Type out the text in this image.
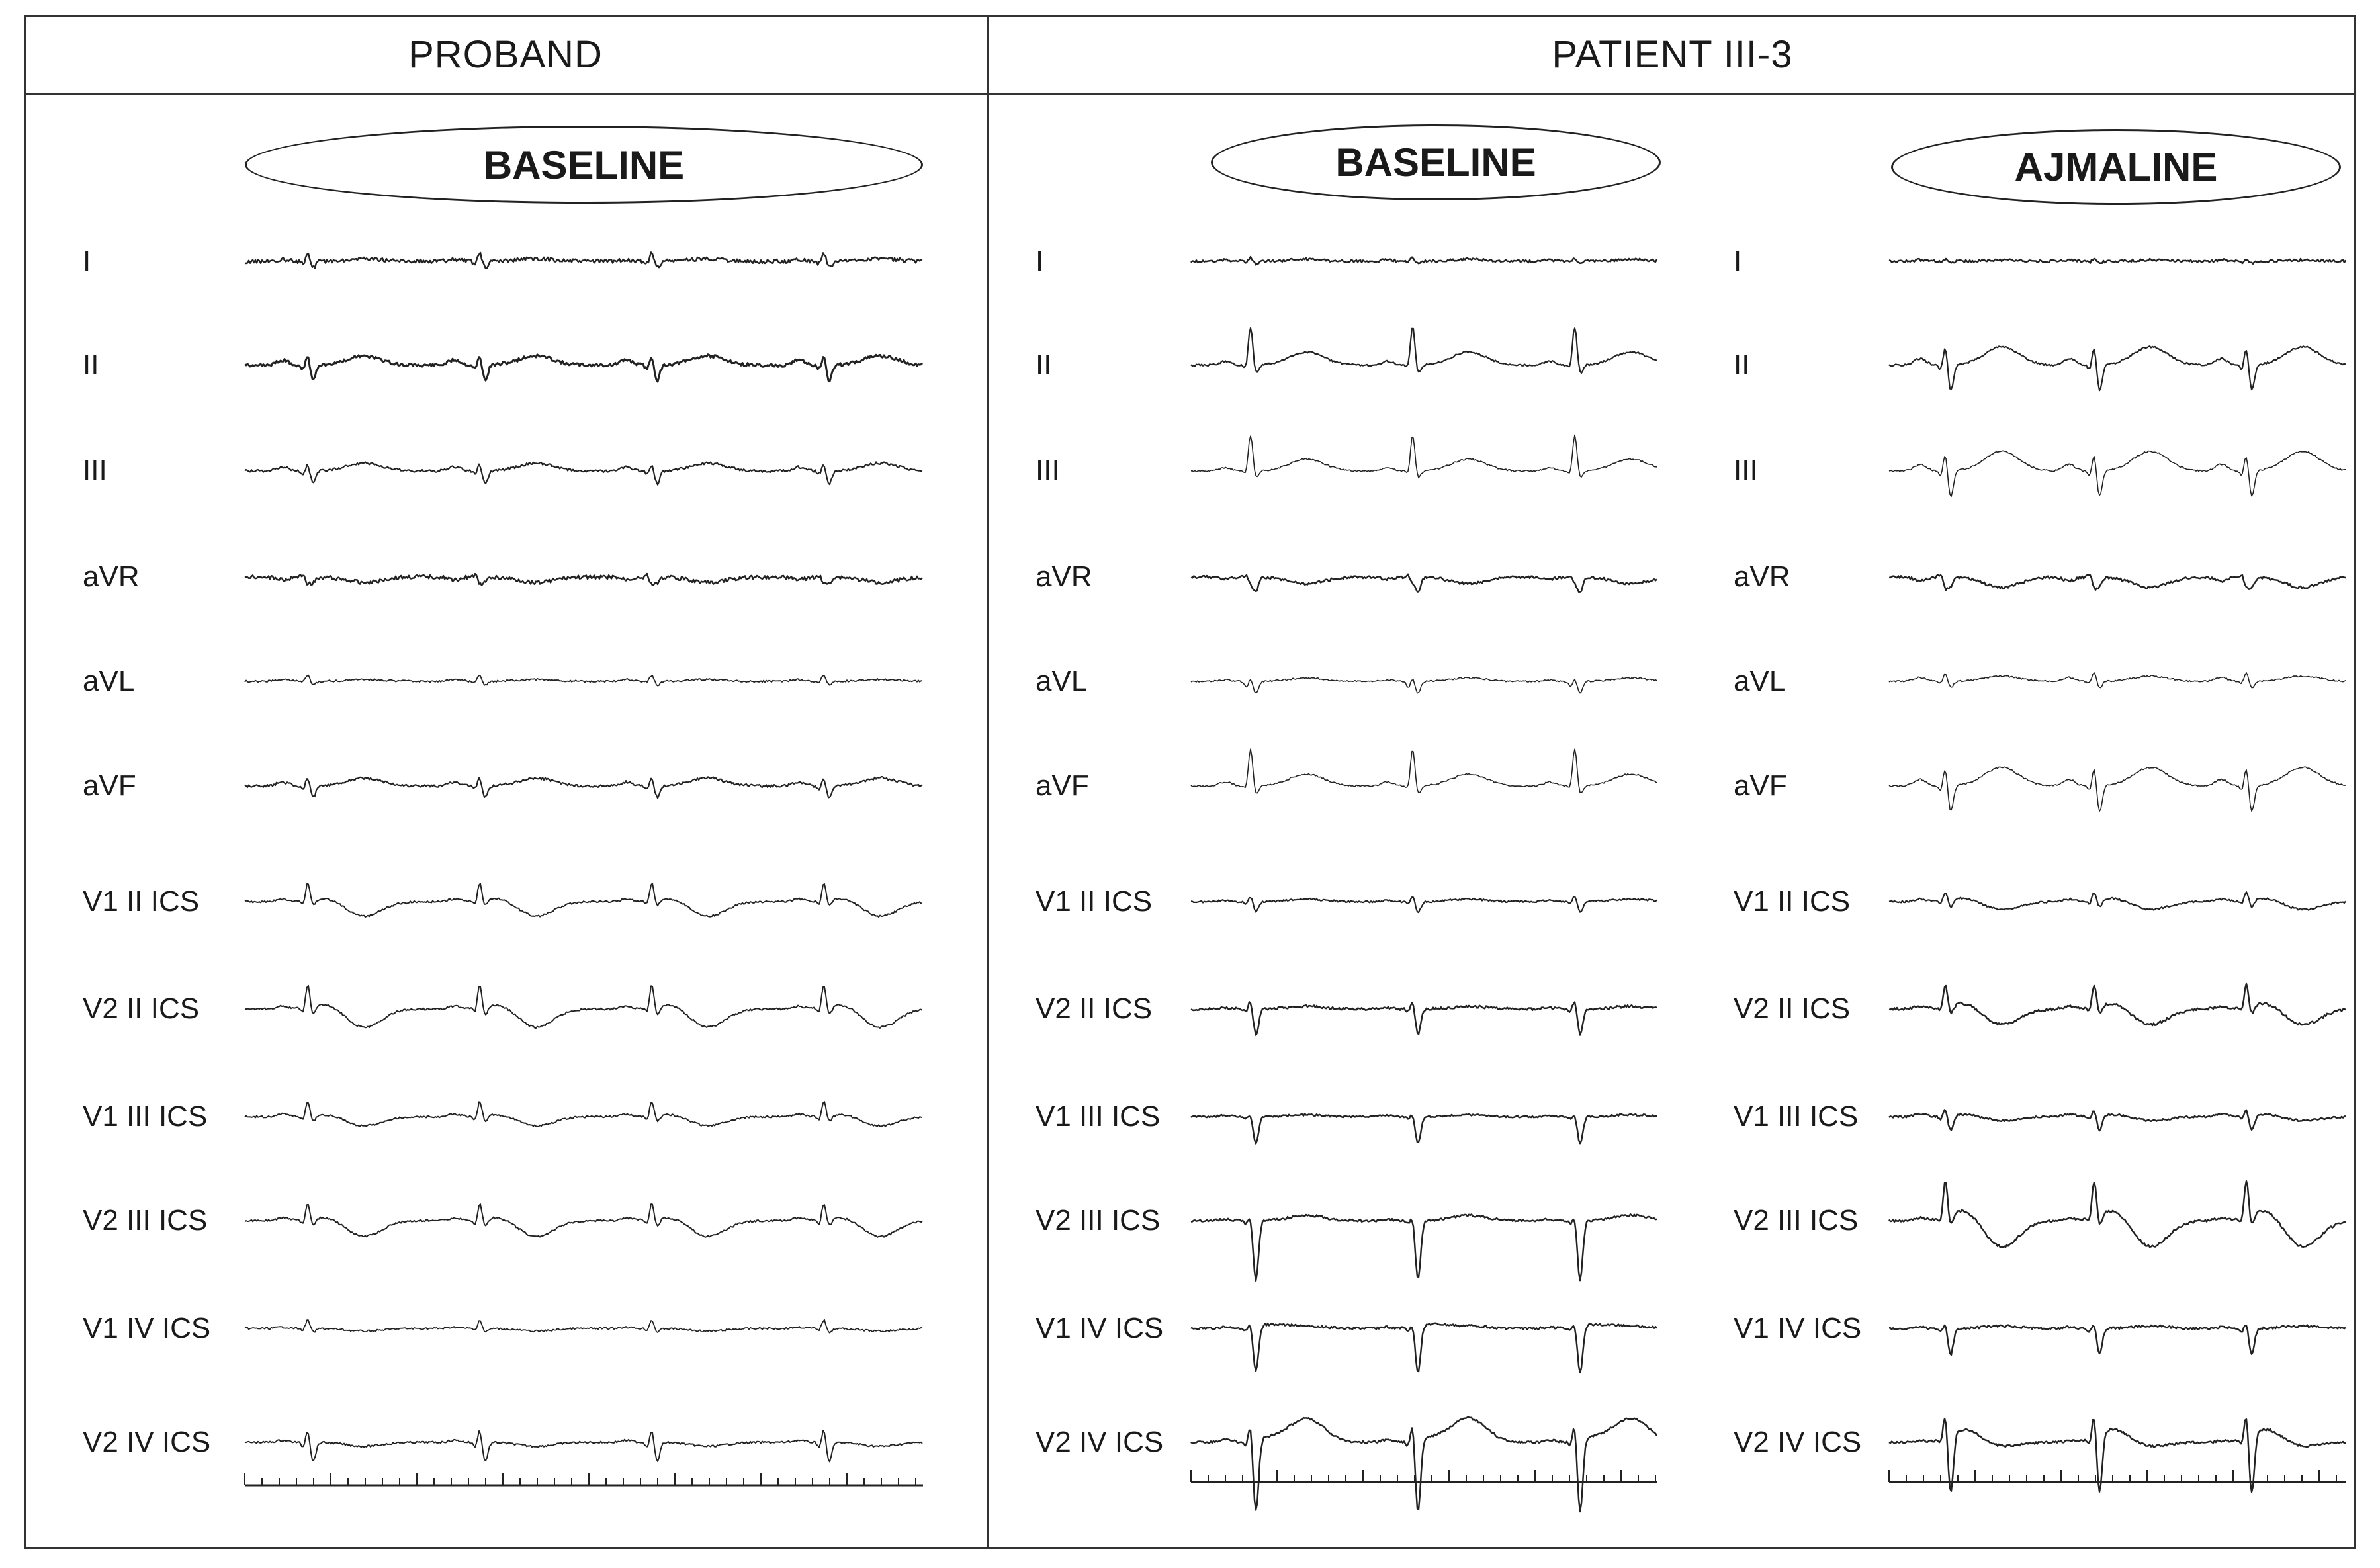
PROBAND	PATIENT III-3
BASELINE	BASELINE	AJMALINE
I
II
III
aVR
aVL
aVF
V1 II ICS
V2 II ICS
V1 III ICS
V2 III ICS
V1 IV ICS
V2 IV ICS
I
II
III
aVR
aVL
aVF
V1 II ICS
V2 II ICS
V1 III ICS
V2 III ICS
V1 IV ICS
V2 IV ICS
I
II
III
aVR
aVL
aVF
V1 II ICS
V2 II ICS
V1 III ICS
V2 III ICS
V1 IV ICS
V2 IV ICS
